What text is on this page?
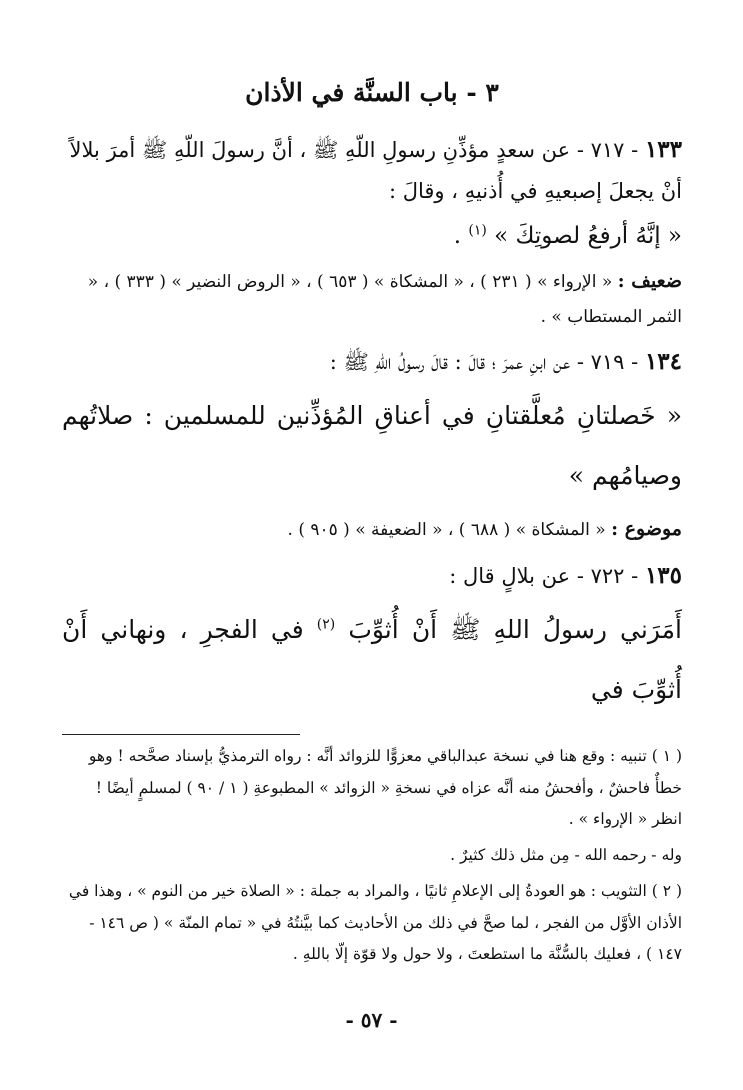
٣ - باب السنَّة في الأذان

١٣٣ - ٧١٧ - عن سعدٍ مؤذِّنِ رسولِ اللّهِ ﷺ ، أنَّ رسولَ اللّهِ ﷺ أمرَ بلالاً أنْ يجعلَ إصبعيهِ في أُذنيهِ ، وقالَ :

« إنَّهُ أرفعُ لصوتِكَ » $^{(١)}$ .

ضعيف : « الإرواء » ( ٢٣١ ) ، « المشكاة » ( ٦٥٣ ) ، « الروض النضير » ( ٣٣٣ ) ، « الثمر المستطاب » .

١٣٤ - ٧١٩ - عن ابنِ عمرَ ؛ قالَ : قالَ رسولُ اللّهِ ﷺ :

« خَصلتانِ مُعلَّقتانِ في أعناقِ المُؤذِّنين للمسلمين : صلاتُهم وصيامُهم »

موضوع : « المشكاة » ( ٦٨٨ ) ، « الضعيفة » ( ٩٠٥ ) .

١٣٥ - ٧٢٢ - عن بلالٍ قال :

أَمَرَني رسولُ اللهِ ﷺ أَنْ أُثوِّبَ $^{(٢)}$ في الفجرِ ، ونهاني أَنْ أُثوِّبَ في

( ١ ) تنبيه : وقع هنا في نسخة عبدالباقي معزوًّا للزوائد أنَّه : رواه الترمذيُّ بإسناد صحَّحه ! وهو خطأٌ فاحشٌ ، وأفحشُ منه أنَّه عزاه في نسخةِ « الزوائد » المطبوعةِ ( ١ / ٩٠ ) لمسلمٍ أيضًا ! انظر « الإرواء » .

وله - رحمه الله - مِن مثل ذلك كثيرٌ .

( ٢ ) التثويب : هو العودةُ إلى الإعلامِ ثانيًا ، والمراد به جملة : « الصلاة خير من النوم » ، وهذا في الأذان الأوَّل من الفجر ، لما صحَّ في ذلك من الأحاديث كما بيَّنتُهُ في « تمام المنّة » ( ص ١٤٦ - ١٤٧ ) ، فعليك بالسُّنَّة ما استطعتَ ، ولا حول ولا قوّة إلّا باللهِ .

- ٥٧ -
